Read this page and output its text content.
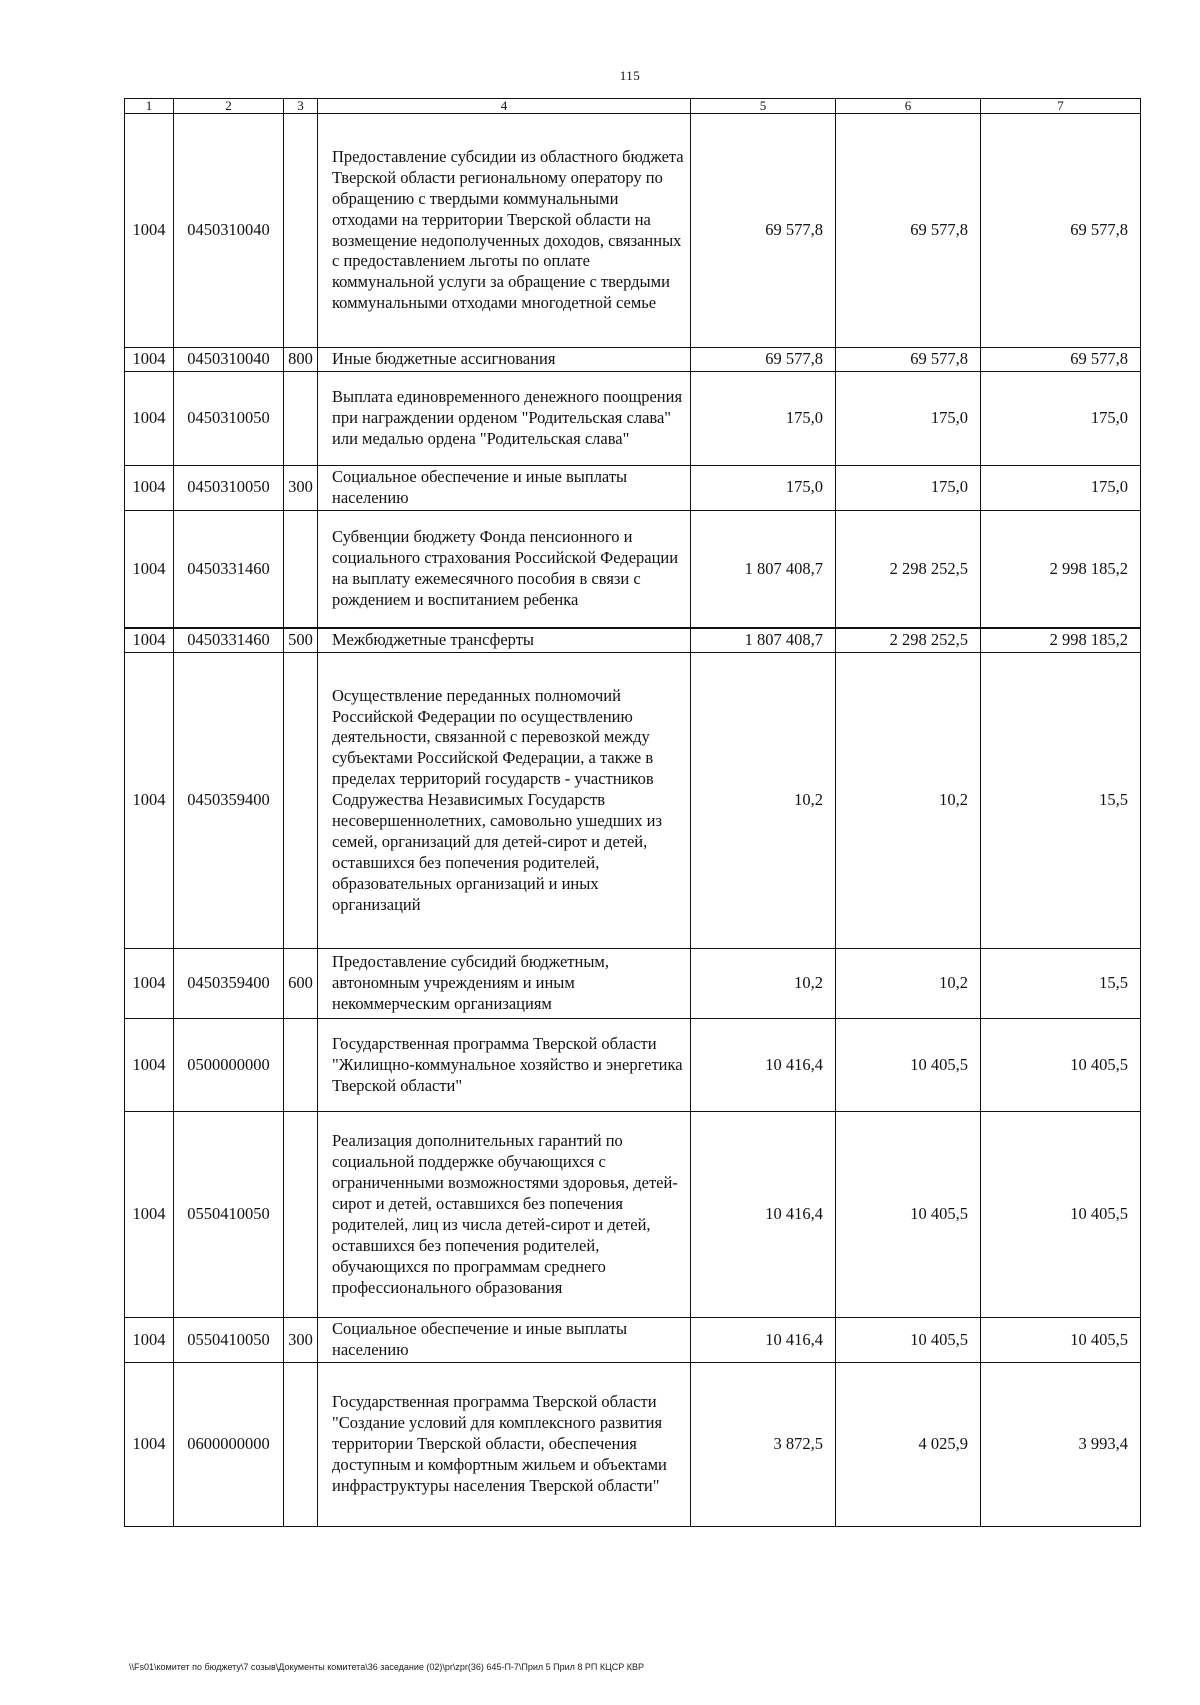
115
1	2	3	4	5	6	7
1004	0450310040		Предоставление субсидии из областного бюджета Тверской области региональному оператору по обращению с твердыми коммунальными отходами на территории Тверской области на возмещение недополученных доходов, связанных с предоставлением льготы по оплате коммунальной услуги за обращение с твердыми коммунальными отходами многодетной семье	69 577,8	69 577,8	69 577,8
1004	0450310040	800	Иные бюджетные ассигнования	69 577,8	69 577,8	69 577,8
1004	0450310050		Выплата единовременного денежного поощрения при награждении орденом "Родительская слава" или медалью ордена "Родительская слава"	175,0	175,0	175,0
1004	0450310050	300	Социальное обеспечение и иные выплаты населению	175,0	175,0	175,0
1004	0450331460		Субвенции бюджету Фонда пенсионного и социального страхования Российской Федерации на выплату ежемесячного пособия в связи с рождением и воспитанием ребенка	1 807 408,7	2 298 252,5	2 998 185,2
1004	0450331460	500	Межбюджетные трансферты	1 807 408,7	2 298 252,5	2 998 185,2
1004	0450359400		Осуществление переданных полномочий Российской Федерации по осуществлению деятельности, связанной с перевозкой между субъектами Российской Федерации, а также в пределах территорий государств - участников Содружества Независимых Государств несовершеннолетних, самовольно ушедших из семей, организаций для детей-сирот и детей, оставшихся без попечения родителей, образовательных организаций и иных организаций	10,2	10,2	15,5
1004	0450359400	600	Предоставление субсидий бюджетным, автономным учреждениям и иным некоммерческим организациям	10,2	10,2	15,5
1004	0500000000		Государственная программа Тверской области "Жилищно-коммунальное хозяйство и энергетика Тверской области"	10 416,4	10 405,5	10 405,5
1004	0550410050		Реализация дополнительных гарантий по социальной поддержке обучающихся с ограниченными возможностями здоровья, детей-сирот и детей, оставшихся без попечения родителей, лиц из числа детей-сирот и детей, оставшихся без попечения родителей, обучающихся по программам среднего профессионального образования	10 416,4	10 405,5	10 405,5
1004	0550410050	300	Социальное обеспечение и иные выплаты населению	10 416,4	10 405,5	10 405,5
1004	0600000000		Государственная программа Тверской области "Создание условий для комплексного развития территории Тверской области, обеспечения доступным и комфортным жильем и объектами инфраструктуры населения Тверской области"	3 872,5	4 025,9	3 993,4
\\Fs01\комитет по бюджету\7 созыв\Документы комитета\36 заседание (02)\pr\zpr(36) 645-П-7\Прил 5 Прил 8 РП КЦСР КВР
